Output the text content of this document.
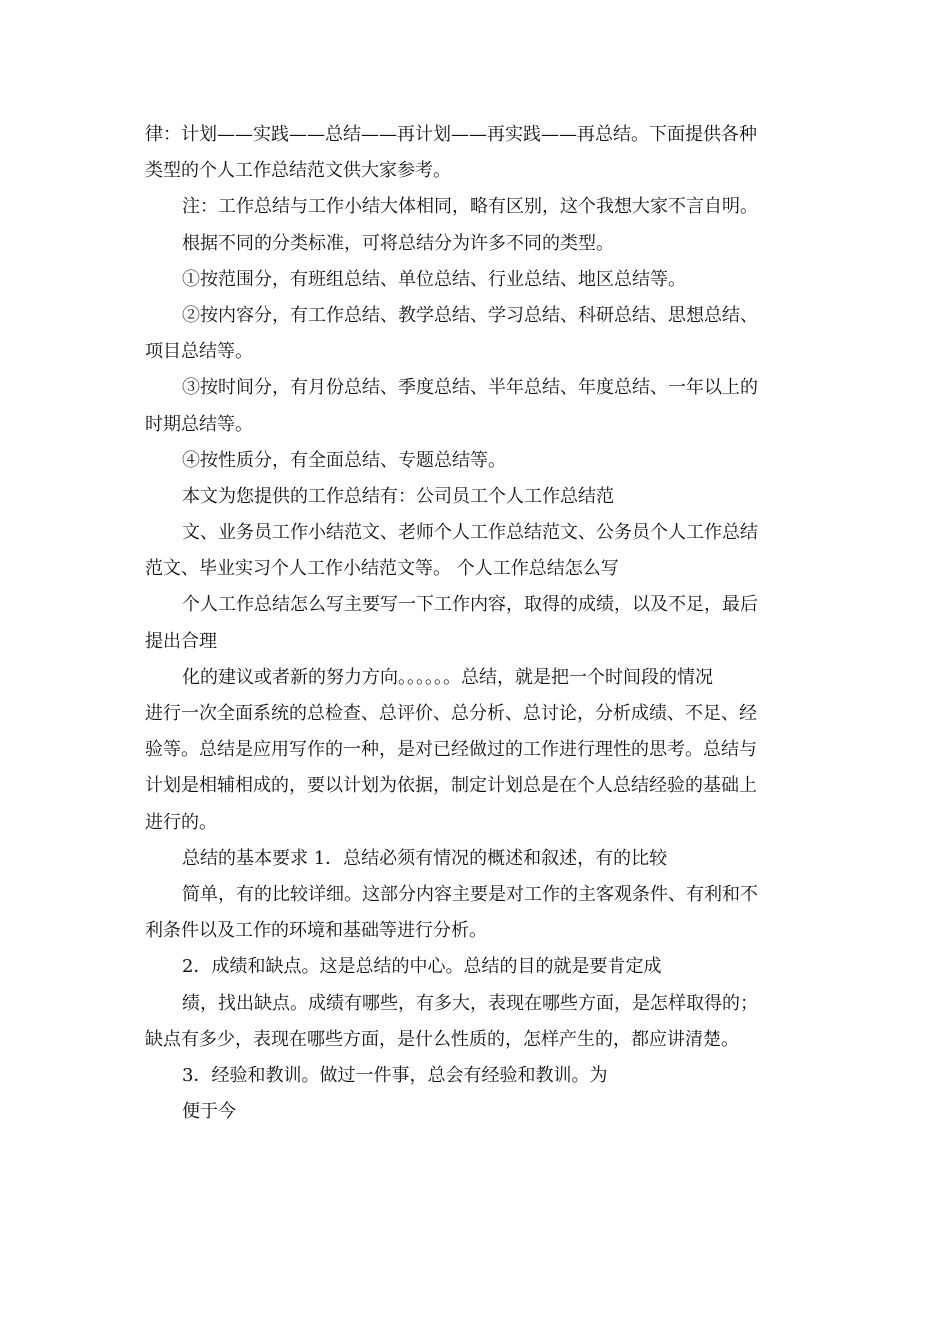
律：计划——实践——总结——再计划——再实践——再总结。下面提供各种
类型的个人工作总结范文供大家参考。
注：工作总结与工作小结大体相同，略有区别，这个我想大家不言自明。
根据不同的分类标准，可将总结分为许多不同的类型。
①按范围分，有班组总结、单位总结、行业总结、地区总结等。
②按内容分，有工作总结、教学总结、学习总结、科研总结、思想总结、
项目总结等。
③按时间分，有月份总结、季度总结、半年总结、年度总结、一年以上的
时期总结等。
④按性质分，有全面总结、专题总结等。
本文为您提供的工作总结有：公司员工个人工作总结范
文、业务员工作小结范文、老师个人工作总结范文、公务员个人工作总结
范文、毕业实习个人工作小结范文等。 个人工作总结怎么写
个人工作总结怎么写主要写一下工作内容，取得的成绩，以及不足，最后
提出合理
化的建议或者新的努力方向。。。。。。总结，就是把一个时间段的情况
进行一次全面系统的总检查、总评价、总分析、总讨论，分析成绩、不足、经
验等。总结是应用写作的一种，是对已经做过的工作进行理性的思考。总结与
计划是相辅相成的，要以计划为依据，制定计划总是在个人总结经验的基础上
进行的。
总结的基本要求 1．总结必须有情况的概述和叙述，有的比较
简单，有的比较详细。这部分内容主要是对工作的主客观条件、有利和不
利条件以及工作的环境和基础等进行分析。
2．成绩和缺点。这是总结的中心。总结的目的就是要肯定成
绩，找出缺点。成绩有哪些，有多大，表现在哪些方面，是怎样取得的；
缺点有多少，表现在哪些方面，是什么性质的，怎样产生的，都应讲清楚。
3．经验和教训。做过一件事，总会有经验和教训。为
便于今
